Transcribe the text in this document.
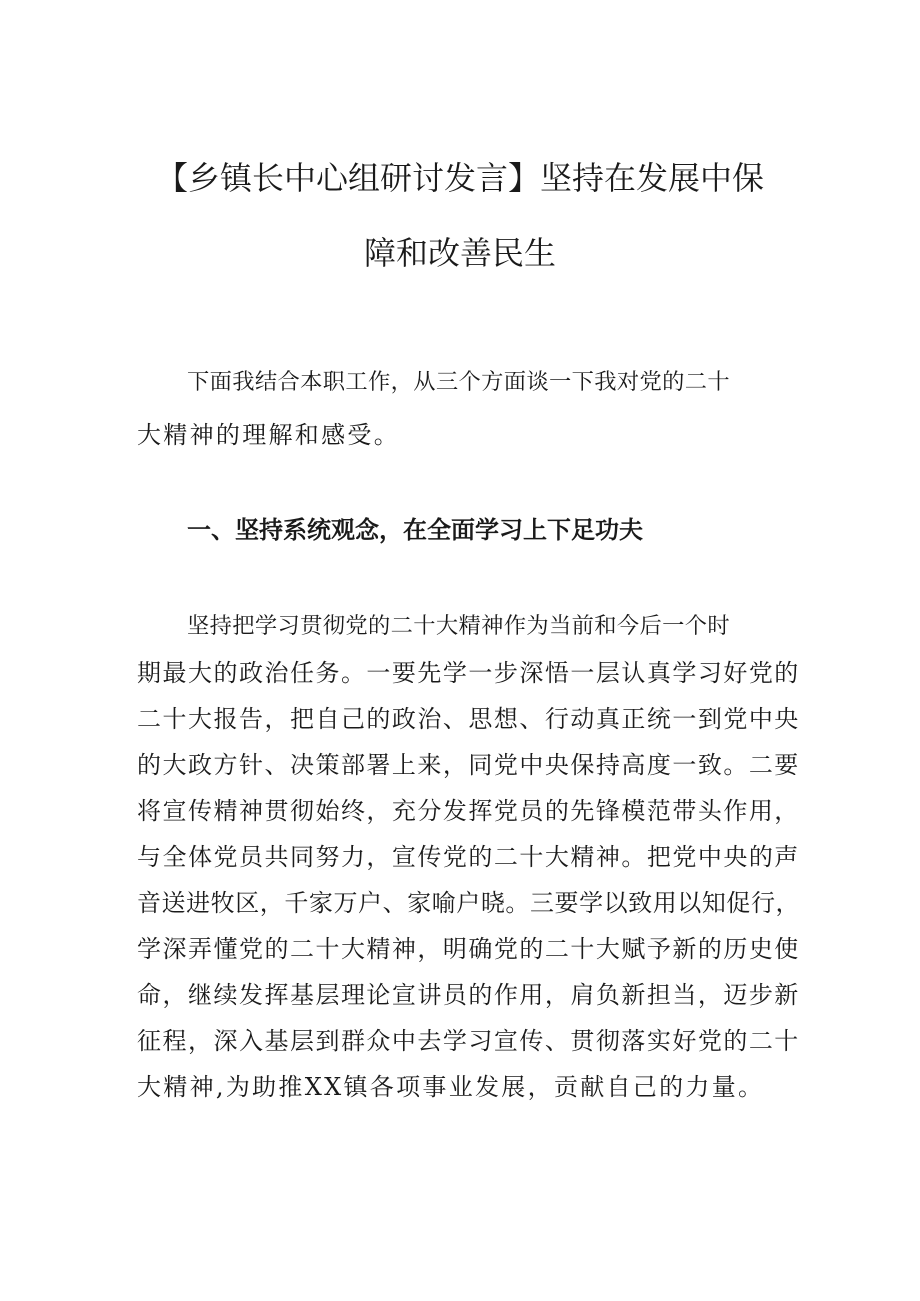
【乡镇长中心组研讨发言】坚持在发展中保
障和改善民生

下面我结合本职工作，从三个方面谈一下我对党的二十

大精神的理解和感受。

一、坚持系统观念，在全面学习上下足功夫

坚持把学习贯彻党的二十大精神作为当前和今后一个时

期最大的政治任务。一要先学一步深悟一层认真学习好党的

二十大报告，把自己的政治、思想、行动真正统一到党中央

的大政方针、决策部署上来，同党中央保持高度一致。二要

将宣传精神贯彻始终，充分发挥党员的先锋模范带头作用，

与全体党员共同努力，宣传党的二十大精神。把党中央的声

音送进牧区，千家万户、家喻户晓。三要学以致用以知促行，

学深弄懂党的二十大精神，明确党的二十大赋予新的历史使

命，继续发挥基层理论宣讲员的作用，肩负新担当，迈步新

征程，深入基层到群众中去学习宣传、贯彻落实好党的二十

大精神,为助推XX镇各项事业发展，贡献自己的力量。
